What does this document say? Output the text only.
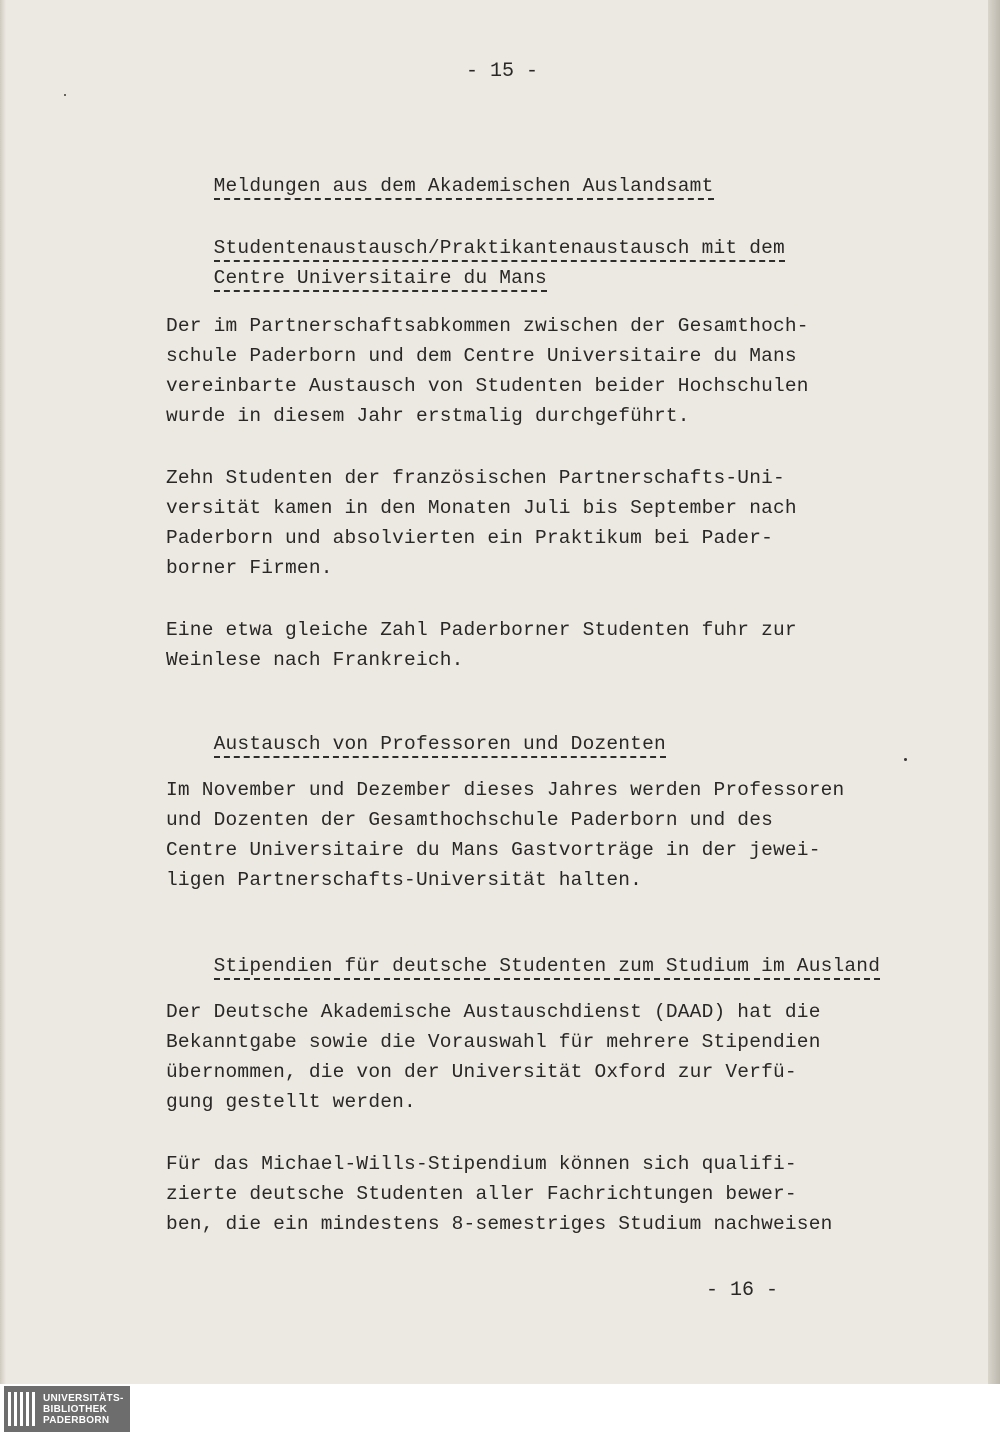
- 15 -

Meldungen aus dem Akademischen Auslandsamt

Studentenaustausch/Praktikantenaustausch mit dem

Centre Universitaire du Mans

Der im Partnerschaftsabkommen zwischen der Gesamthoch-
schule Paderborn und dem Centre Universitaire du Mans
vereinbarte Austausch von Studenten beider Hochschulen
wurde in diesem Jahr erstmalig durchgeführt.
Zehn Studenten der französischen Partnerschafts-Uni-
versität kamen in den Monaten Juli bis September nach
Paderborn und absolvierten ein Praktikum bei Pader-
borner Firmen.
Eine etwa gleiche Zahl Paderborner Studenten fuhr zur
Weinlese nach Frankreich.

Austausch von Professoren und Dozenten

Im November und Dezember dieses Jahres werden Professoren
und Dozenten der Gesamthochschule Paderborn und des
Centre Universitaire du Mans Gastvorträge in der jewei-
ligen Partnerschafts-Universität halten.

Stipendien für deutsche Studenten zum Studium im Ausland

Der Deutsche Akademische Austauschdienst (DAAD) hat die
Bekanntgabe sowie die Vorauswahl für mehrere Stipendien
übernommen, die von der Universität Oxford zur Verfü-
gung gestellt werden.
Für das Michael-Wills-Stipendium können sich qualifi-
zierte deutsche Studenten aller Fachrichtungen bewer-
ben, die ein mindestens 8-semestriges Studium nachweisen
- 16 -
UNIVERSITÄTS-
BIBLIOTHEK
PADERBORN
